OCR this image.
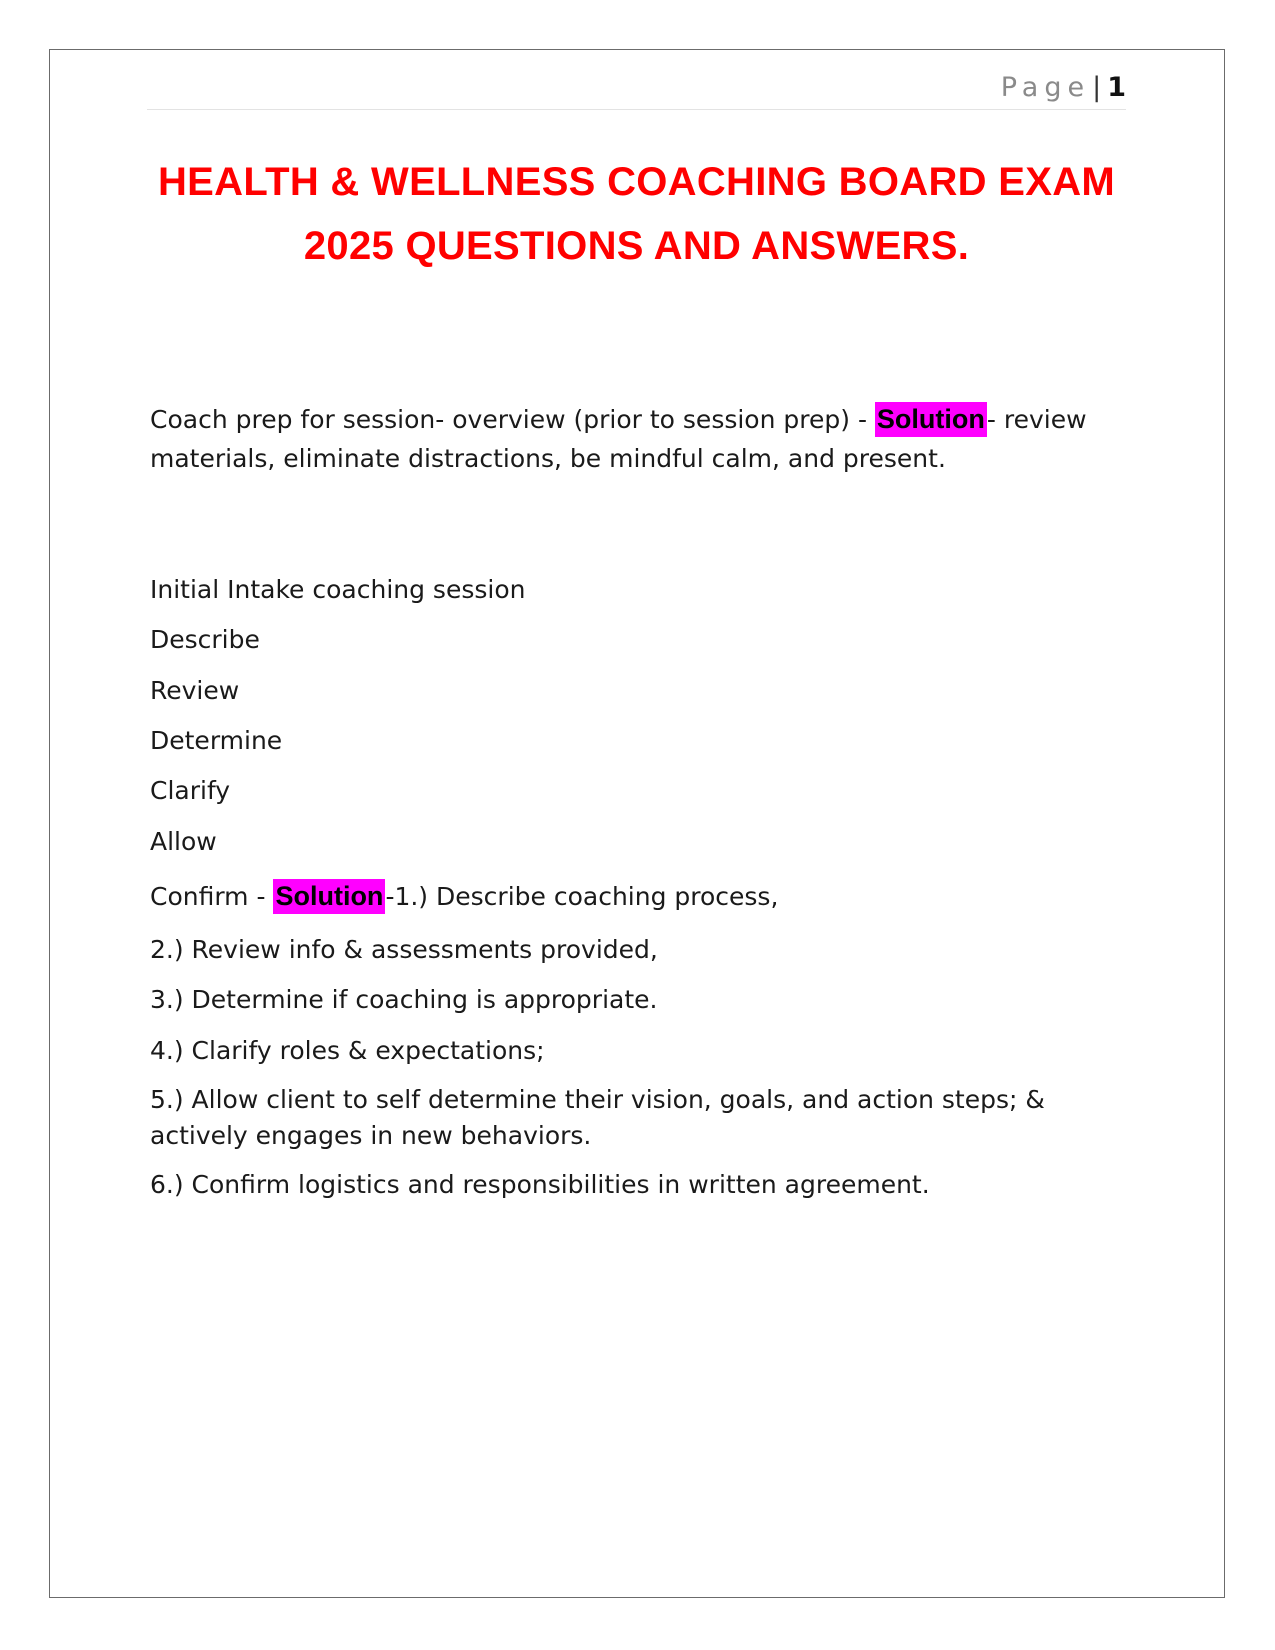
Page| 1
HEALTH & WELLNESS COACHING BOARD EXAM 2025 QUESTIONS AND ANSWERS.

Coach prep for session- overview (prior to session prep) - Solution- review materials, eliminate distractions, be mindful calm, and present.

Initial Intake coaching session

Describe

Review

Determine

Clarify

Allow

Confirm - Solution-1.) Describe coaching process,

2.) Review info & assessments provided,

3.) Determine if coaching is appropriate.

4.) Clarify roles & expectations;

5.) Allow client to self determine their vision, goals, and action steps; & actively engages in new behaviors.

6.) Confirm logistics and responsibilities in written agreement.
